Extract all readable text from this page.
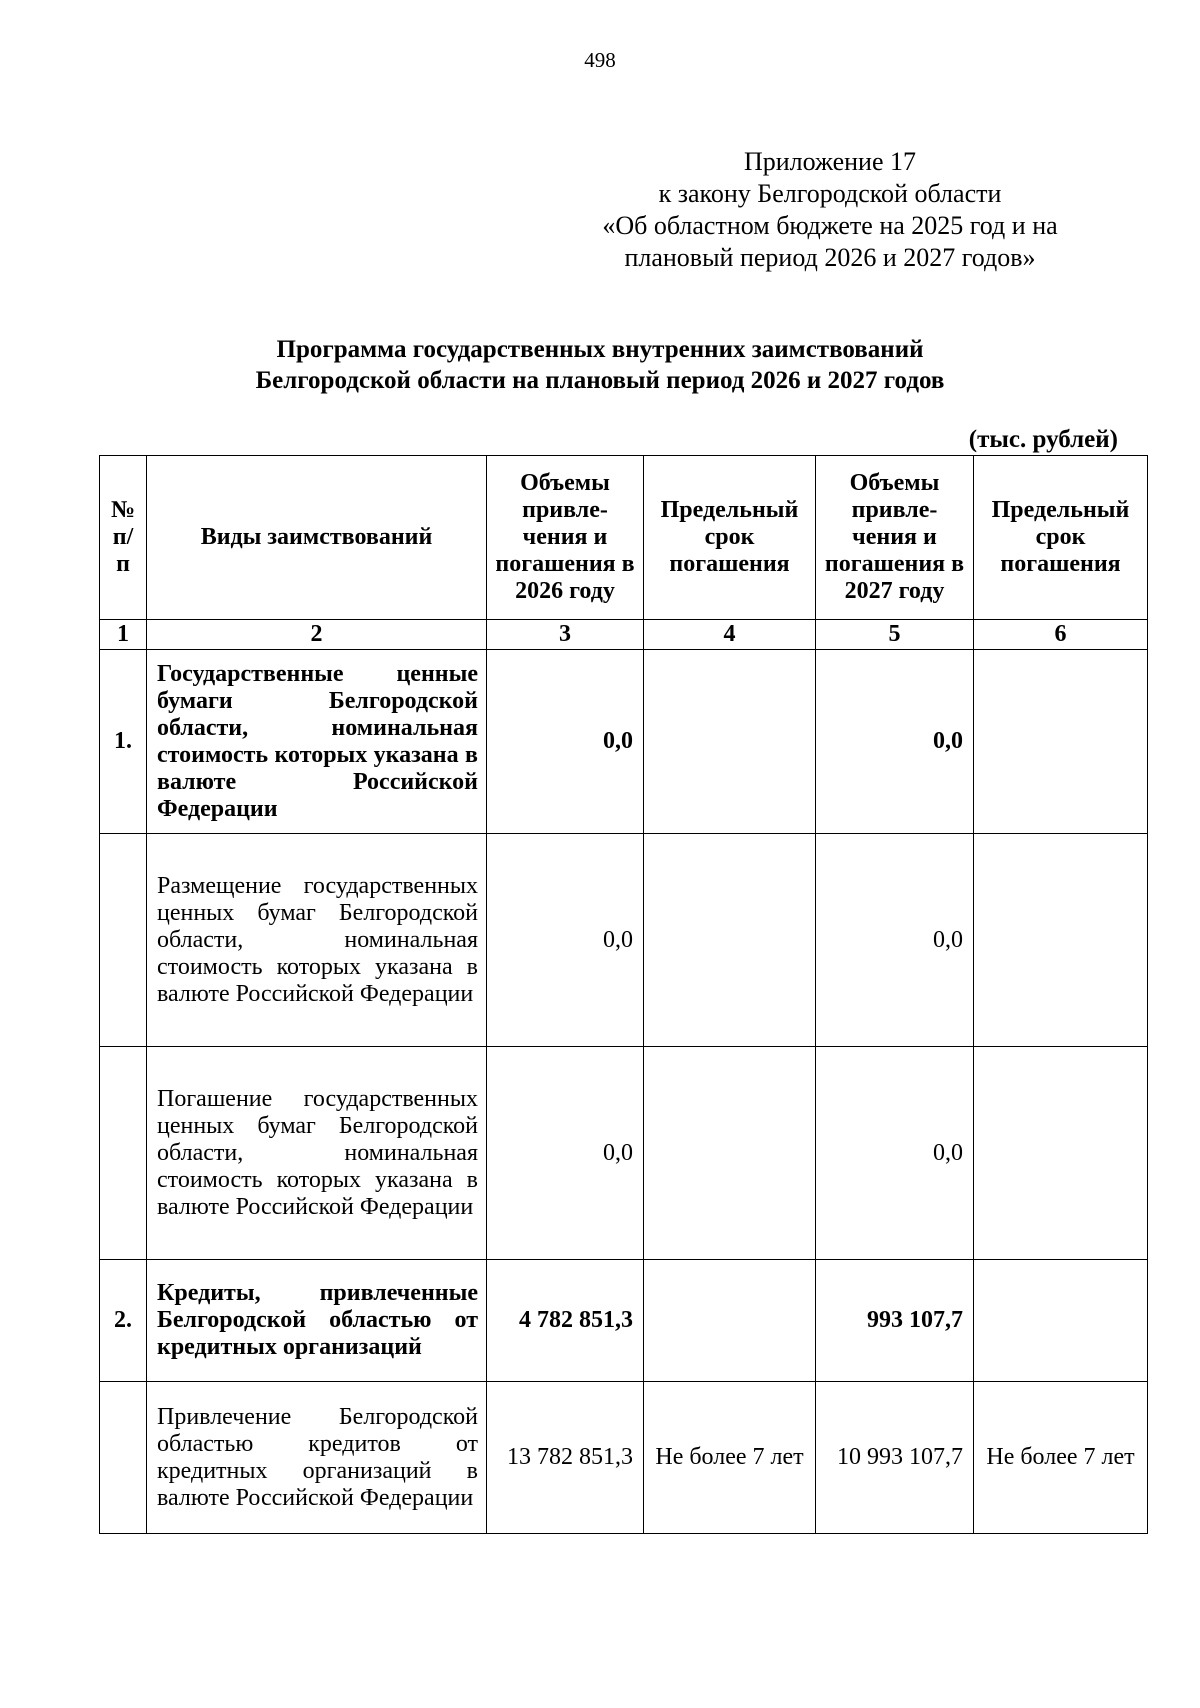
498
Приложение 17
к закону Белгородской области
«Об областном бюджете на 2025 год и на
плановый период 2026 и 2027 годов»
Программа государственных внутренних заимствований
Белгородской области на плановый период 2026 и 2027 годов
(тыс. рублей)
№ п/п	Виды заимствований	Объемы привле-чения и погашения в 2026 году	Предельный срок погашения	Объемы привле-чения и погашения в 2027 году	Предельный срок погашения
1	2	3	4	5	6
1.	Государственные ценные бумаги Белгородской области, номинальная стоимость которых указана в валюте Российской Федерации	0,0		0,0	
	Размещение государственных ценных бумаг Белгородской области, номинальная стоимость которых указана в валюте Российской Федерации	0,0		0,0	
	Погашение государственных ценных бумаг Белгородской области, номинальная стоимость которых указана в валюте Российской Федерации	0,0		0,0	
2.	Кредиты, привлеченные Белгородской областью от кредитных организаций	4 782 851,3		993 107,7	
	Привлечение Белгородской областью кредитов от кредитных организаций в валюте Российской Федерации	13 782 851,3	Не более 7 лет	10 993 107,7	Не более 7 лет
